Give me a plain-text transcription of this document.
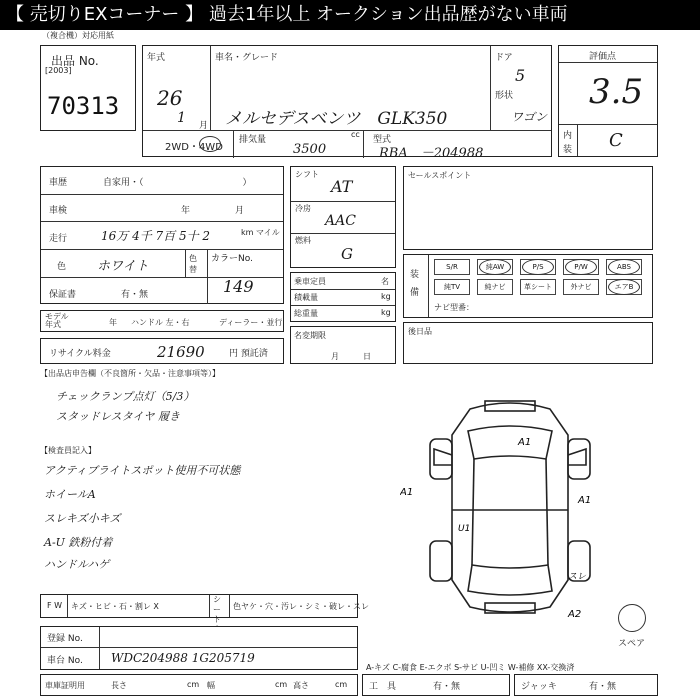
【 売切りEXコーナー 】 過去1年以上 オークション出品歴がない車両
（複合機）対応用紙
出品 No.
[2003]
70313
年式
26
1 月
車名・グレード
メルセデスベンツ　GLK350
ドア
5
形状
ワゴン
2WD・4WD
排気量
cc
3500
型式
RBA　－204988
評価点
3.5
内
装 C
車歴	自家用・（　　　　　　　　　　　）
車検	年　　　　　月
走行	16万 4千 7百 5十 2	km マイル
色 ホワイト
色替
カラーNo.
149
保証書	有・無
モデル年式	年 ハンドル 左・右	ディーラー・並行
リサイクル料金	21690	円 預託済
シフト
AT
冷房
AAC
燃料
G
乗車定員	名
積載量	kg
総重量	kg
名変期限
月　　　日
セールスポイント
装
備
S/R	純AW	P/S	P/W	ABS
純TV	純ナビ	革シート	外ナビ	エアB
ナビ型番：
後日品
【出品店申告欄（不良箇所・欠品・注意事項等）】
チェックランプ点灯（5/3）
スタッドレスタイヤ 履き
【検査員記入】
アクティブライトスポット使用不可状態
ホイールA
スレキズ小キズ
A-U 鉄粉付着
ハンドルハゲ
A1
A1
A1
U1
A2
スレ
スペア
F W キズ・ヒビ・石・割レ X
シート
色ヤケ・穴・汚レ・シミ・破レ・スレ
登録 No.
車台 No. WDC204988 1G205719
A-キズ C-腐食 E-エクボ S-サビ U-凹ミ W-補修 XX-交換済
車庫証明用	長さ	cm 幅	cm 高さ	cm 工　具	有・無	ジャッキ	有・無
